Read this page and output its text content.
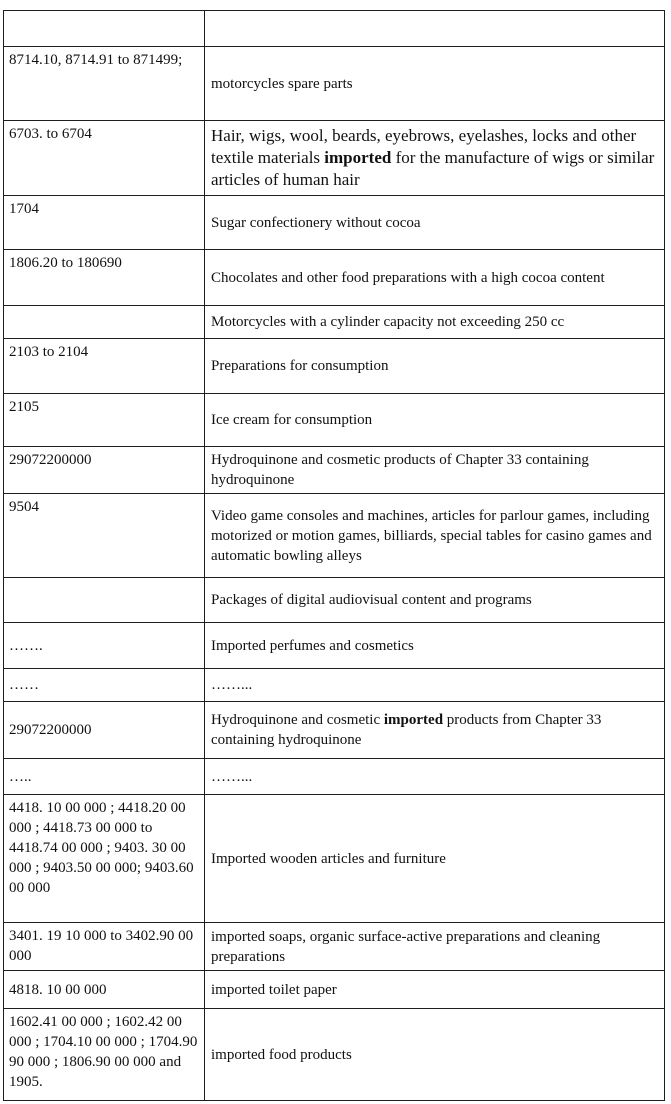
8714.10, 8714.91 to 871499;	motorcycles spare parts
6703. to 6704	Hair, wigs, wool, beards, eyebrows, eyelashes, locks and other textile materials imported for the manufacture of wigs or similar articles of human hair
1704	Sugar confectionery without cocoa
1806.20 to 180690	Chocolates and other food preparations with a high cocoa content
	Motorcycles with a cylinder capacity not exceeding 250 cc
2103 to 2104	Preparations for consumption
2105	Ice cream for consumption
29072200000	Hydroquinone and cosmetic products of Chapter 33 containing hydroquinone
9504	Video game consoles and machines, articles for parlour games, including motorized or motion games, billiards, special tables for casino games and automatic bowling alleys
	Packages of digital audiovisual content and programs
…….	Imported perfumes and cosmetics
……	……...
29072200000	Hydroquinone and cosmetic imported products from Chapter 33 containing hydroquinone
…..	……...
4418. 10 00 000 ; 4418.20 00 000 ; 4418.73 00 000 to 4418.74 00 000 ; 9403. 30 00 000 ; 9403.50 00 000; 9403.60 00 000	Imported wooden articles and furniture
3401. 19 10 000 to 3402.90 00 000	imported soaps, organic surface-active preparations and cleaning preparations
4818. 10 00 000	imported toilet paper
1602.41 00 000 ; 1602.42 00 000 ; 1704.10 00 000 ; 1704.90 90 000 ; 1806.90 00 000 and 1905.	imported food products
